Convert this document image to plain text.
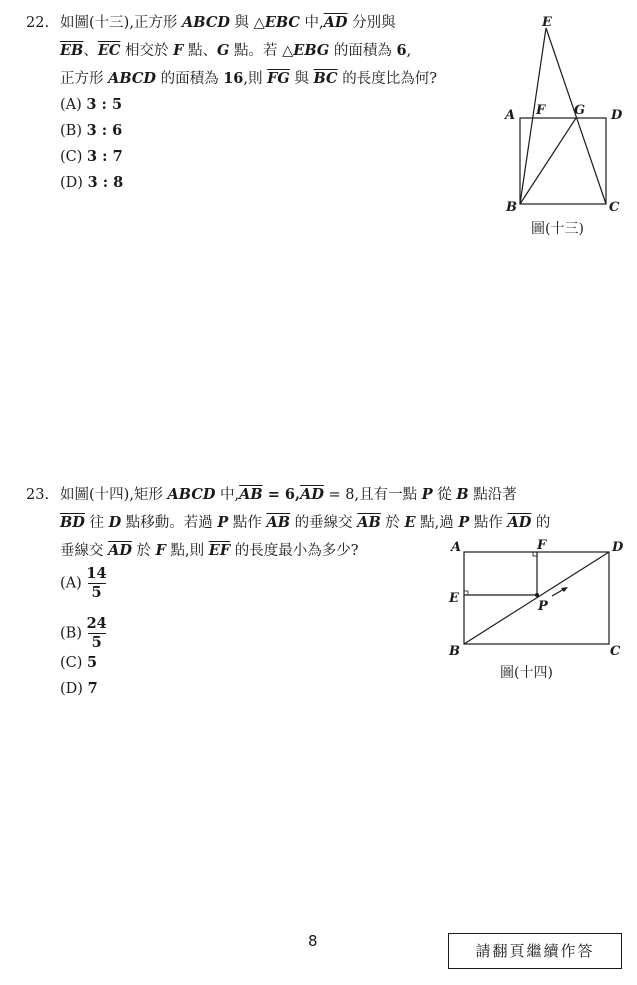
22. 如圖(十三),正方形 ABCD 與 △EBC 中$,\overline{AD}$ 分別與
$\overline{EB}$、$\overline{EC}$ 相交於 F 點、G 點。若 △EBG 的面積為 6,
正方形 ABCD 的面積為 16,則 $\overline{FG}$ 與 $\overline{BC}$ 的長度比為何?
(A) 3 : 5
(B) 3 : 6
(C) 3 : 7
(D) 3 : 8
E
A F G D
B	C
圖(十三)
23. 如圖(十四),矩形 ABCD 中$,\overline{AB} = 6,\overline{AD} = 8$,且有一點 P 從 B 點沿著
$\overline{BD}$ 往 D 點移動。若過 P 點作 $\overline{AB}$ 的垂線交 $\overline{AB}$ 於 E 點,過 P 點作 $\overline{AD}$ 的
垂線交 $\overline{AD}$ 於 F 點,則 $\overline{EF}$ 的長度最小為多少?
$(A) \frac{14}{5}$
$(B) \frac{24}{5}$
(C) 5
(D) 7
A	F	D
E
P
B	C
圖(十四)
8
請翻頁繼續作答
